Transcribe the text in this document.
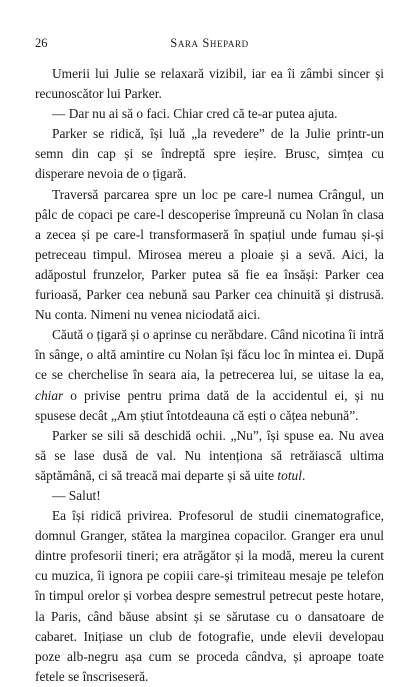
26	Sara Shepard

Umerii lui Julie se relaxară vizibil, iar ea îi zâmbi sincer și recunoscător lui Parker.

— Dar nu ai să o faci. Chiar cred că te-ar putea ajuta.

Parker se ridică, își luă „la revedere” de la Julie printr-un semn din cap și se îndreptă spre ieșire. Brusc, simțea cu disperare nevoia de o țigară.

Traversă parcarea spre un loc pe care-l numea Crângul, un pâlc de copaci pe care-l descoperise împreună cu Nolan în clasa a zecea și pe care-l transformaseră în spațiul unde fumau și-și petreceau timpul. Mirosea mereu a ploaie și a sevă. Aici, la adăpostul frunzelor, Parker putea să fie ea însăși: Parker cea furioasă, Parker cea nebună sau Parker cea chinuită și distrusă. Nu conta. Nimeni nu venea niciodată aici.

Căută o țigară și o aprinse cu nerăbdare. Când nicotina îi intră în sânge, o altă amintire cu Nolan își făcu loc în mintea ei. După ce se cherchelise în seara aia, la petrecerea lui, se uitase la ea, chiar o privise pentru prima dată de la accidentul ei, și nu spusese decât „Am știut întotdeauna că ești o cățea nebună”.

Parker se sili să deschidă ochii. „Nu”, își spuse ea. Nu avea să se lase dusă de val. Nu intenționa să retrăiască ultima săptămână, ci să treacă mai departe și să uite totul.

— Salut!

Ea își ridică privirea. Profesorul de studii cinematografice, domnul Granger, stătea la marginea copacilor. Granger era unul dintre profesorii tineri; era atrăgător și la modă, mereu la curent cu muzica, îi ignora pe copiii care-și trimiteau mesaje pe telefon în timpul orelor și vorbea despre semestrul petrecut peste hotare, la Paris, când băuse absint și se sărutase cu o dansatoare de cabaret. Inițiase un club de fotografie, unde elevii developau poze alb-negru așa cum se proceda cândva, și aproape toate fetele se înscriseseră.
